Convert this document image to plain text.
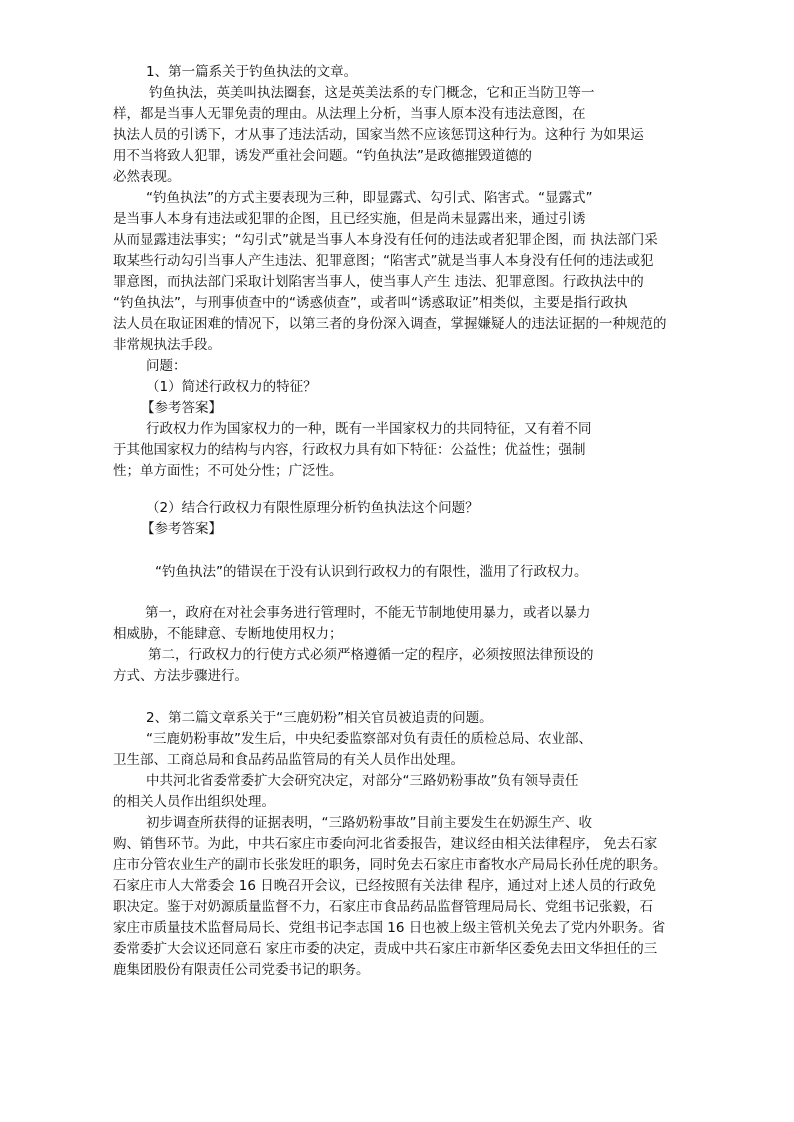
1、第一篇系关于钓鱼执法的文章。
钓鱼执法，英美叫执法圈套，这是英美法系的专门概念，它和正当防卫等一
样，都是当事人无罪免责的理由。从法理上分析，当事人原本没有违法意图，在
执法人员的引诱下，才从事了违法活动，国家当然不应该惩罚这种行为。这种行 为如果运
用不当将致人犯罪，诱发严重社会问题。“钓鱼执法”是政德摧毁道德的
必然表现。
“钓鱼执法”的方式主要表现为三种，即显露式、勾引式、陷害式。“显露式”
是当事人本身有违法或犯罪的企图，且已经实施，但是尚未显露出来，通过引诱
从而显露违法事实；“勾引式”就是当事人本身没有任何的违法或者犯罪企图，而 执法部门采
取某些行动勾引当事人产生违法、犯罪意图；“陷害式”就是当事人本身没有任何的违法或犯
罪意图，而执法部门采取计划陷害当事人，使当事人产生 违法、犯罪意图。行政执法中的
“钓鱼执法”，与刑事侦查中的“诱惑侦查”，或者叫“诱惑取证”相类似，主要是指行政执
法人员在取证困难的情况下，以第三者的身份深入调查，掌握嫌疑人的违法证据的一种规范的
非常规执法手段。
问题：
（1）简述行政权力的特征？
【参考答案】
行政权力作为国家权力的一种，既有一半国家权力的共同特征，又有着不同
于其他国家权力的结构与内容，行政权力具有如下特征：公益性；优益性；强制
性；单方面性；不可处分性；广泛性。
（2）结合行政权力有限性原理分析钓鱼执法这个问题？
【参考答案】
“钓鱼执法”的错误在于没有认识到行政权力的有限性，滥用了行政权力。
第一，政府在对社会事务进行管理时，不能无节制地使用暴力，或者以暴力
相威胁，不能肆意、专断地使用权力；
第二，行政权力的行使方式必须严格遵循一定的程序，必须按照法律预设的
方式、方法步骤进行。
2、第二篇文章系关于“三鹿奶粉”相关官员被追责的问题。
“三鹿奶粉事故”发生后，中央纪委监察部对负有责任的质检总局、农业部、
卫生部、工商总局和食品药品监管局的有关人员作出处理。
中共河北省委常委扩大会研究决定，对部分“三路奶粉事故”负有领导责任
的相关人员作出组织处理。
初步调查所获得的证据表明，“三路奶粉事故”目前主要发生在奶源生产、收
购、销售环节。为此，中共石家庄市委向河北省委报告，建议经由相关法律程序， 免去石家
庄市分管农业生产的副市长张发旺的职务，同时免去石家庄市畜牧水产局局长孙任虎的职务。
石家庄市人大常委会 16 日晚召开会议，已经按照有关法律 程序，通过对上述人员的行政免
职决定。鉴于对奶源质量监督不力，石家庄市食品药品监督管理局局长、党组书记张毅，石
家庄市质量技术监督局局长、党组书记李志国 16 日也被上级主管机关免去了党内外职务。省
委常委扩大会议还同意石 家庄市委的决定，责成中共石家庄市新华区委免去田文华担任的三
鹿集团股份有限责任公司党委书记的职务。
